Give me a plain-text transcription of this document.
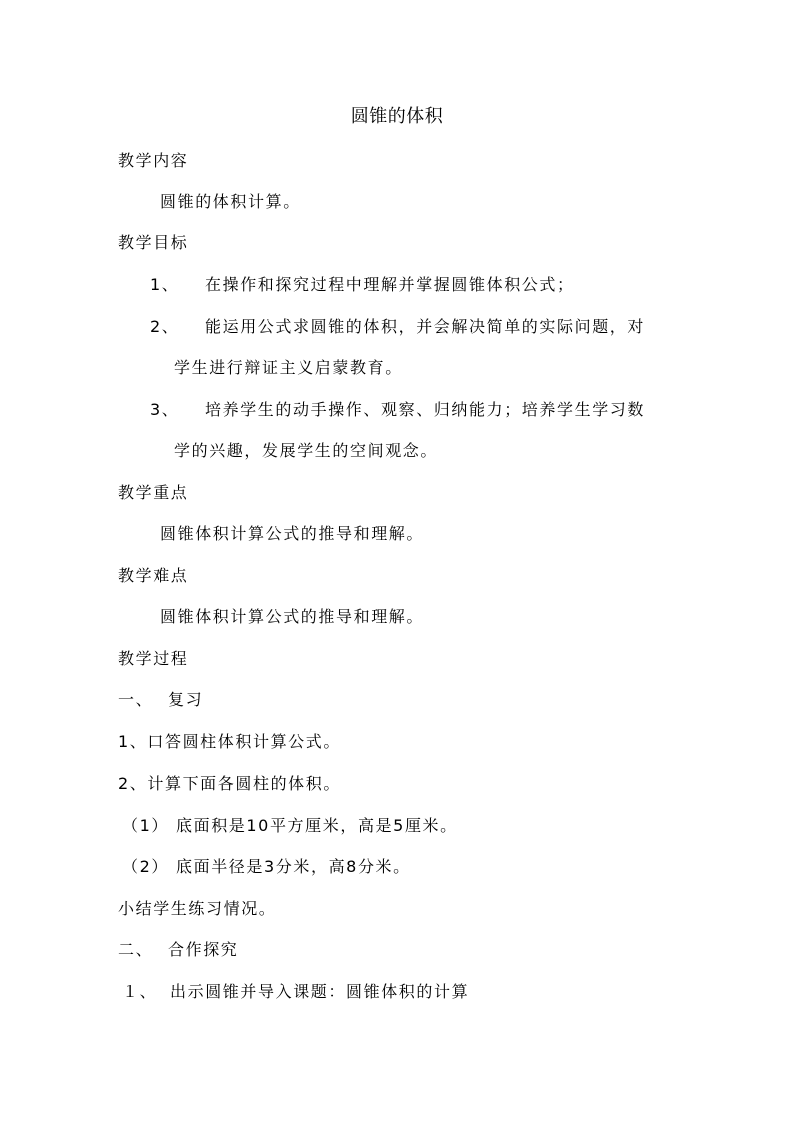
圆锥的体积
教学内容
圆锥的体积计算。
教学目标
1、 在操作和探究过程中理解并掌握圆锥体积公式；
2、 能运用公式求圆锥的体积，并会解决简单的实际问题，对
学生进行辩证主义启蒙教育。
3、 培养学生的动手操作、观察、归纳能力；培养学生学习数
学的兴趣，发展学生的空间观念。
教学重点
圆锥体积计算公式的推导和理解。
教学难点
圆锥体积计算公式的推导和理解。
教学过程
一、 复习
1、口答圆柱体积计算公式。
2、计算下面各圆柱的体积。
（1） 底面积是10平方厘米，高是5厘米。
（2） 底面半径是3分米，高8分米。
小结学生练习情况。
二、 合作探究
１、 出示圆锥并导入课题：圆锥体积的计算
